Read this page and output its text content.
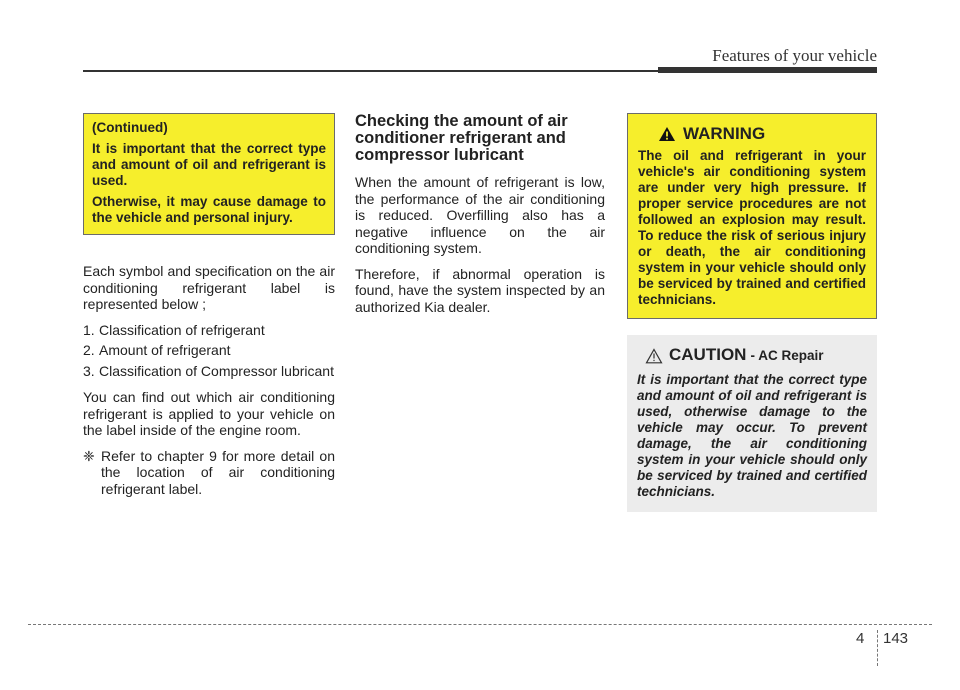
Features of your vehicle

(Continued)

It is important that the correct type and amount of oil and refrigerant is used.

Otherwise, it may cause damage to the vehicle and personal injury.

Each symbol and specification on the air conditioning refrigerant label is represented below ;

1. Classification of refrigerant
2. Amount of refrigerant
3. Classification of Compressor lubricant

You can find out which air conditioning refrigerant is applied to your vehicle on the label inside of the engine room.

❈ Refer to chapter 9 for more detail on the location of air conditioning refrigerant label.
Checking the amount of air conditioner refrigerant and compressor lubricant

When the amount of refrigerant is low, the performance of the air conditioning is reduced. Overfilling also has a negative influence on the air conditioning system.

Therefore, if abnormal operation is found, have the system inspected by an authorized Kia dealer.

WARNING

The oil and refrigerant in your vehicle's air conditioning system are under very high pressure. If proper service procedures are not followed an explosion may result. To reduce the risk of serious injury or death, the air conditioning system in your vehicle should only be serviced by trained and certified technicians.

CAUTION - AC Repair

It is important that the correct type and amount of oil and refrigerant is used, otherwise damage to the vehicle may occur. To prevent damage, the air conditioning system in your vehicle should only be serviced by trained and certified technicians.

4 143
